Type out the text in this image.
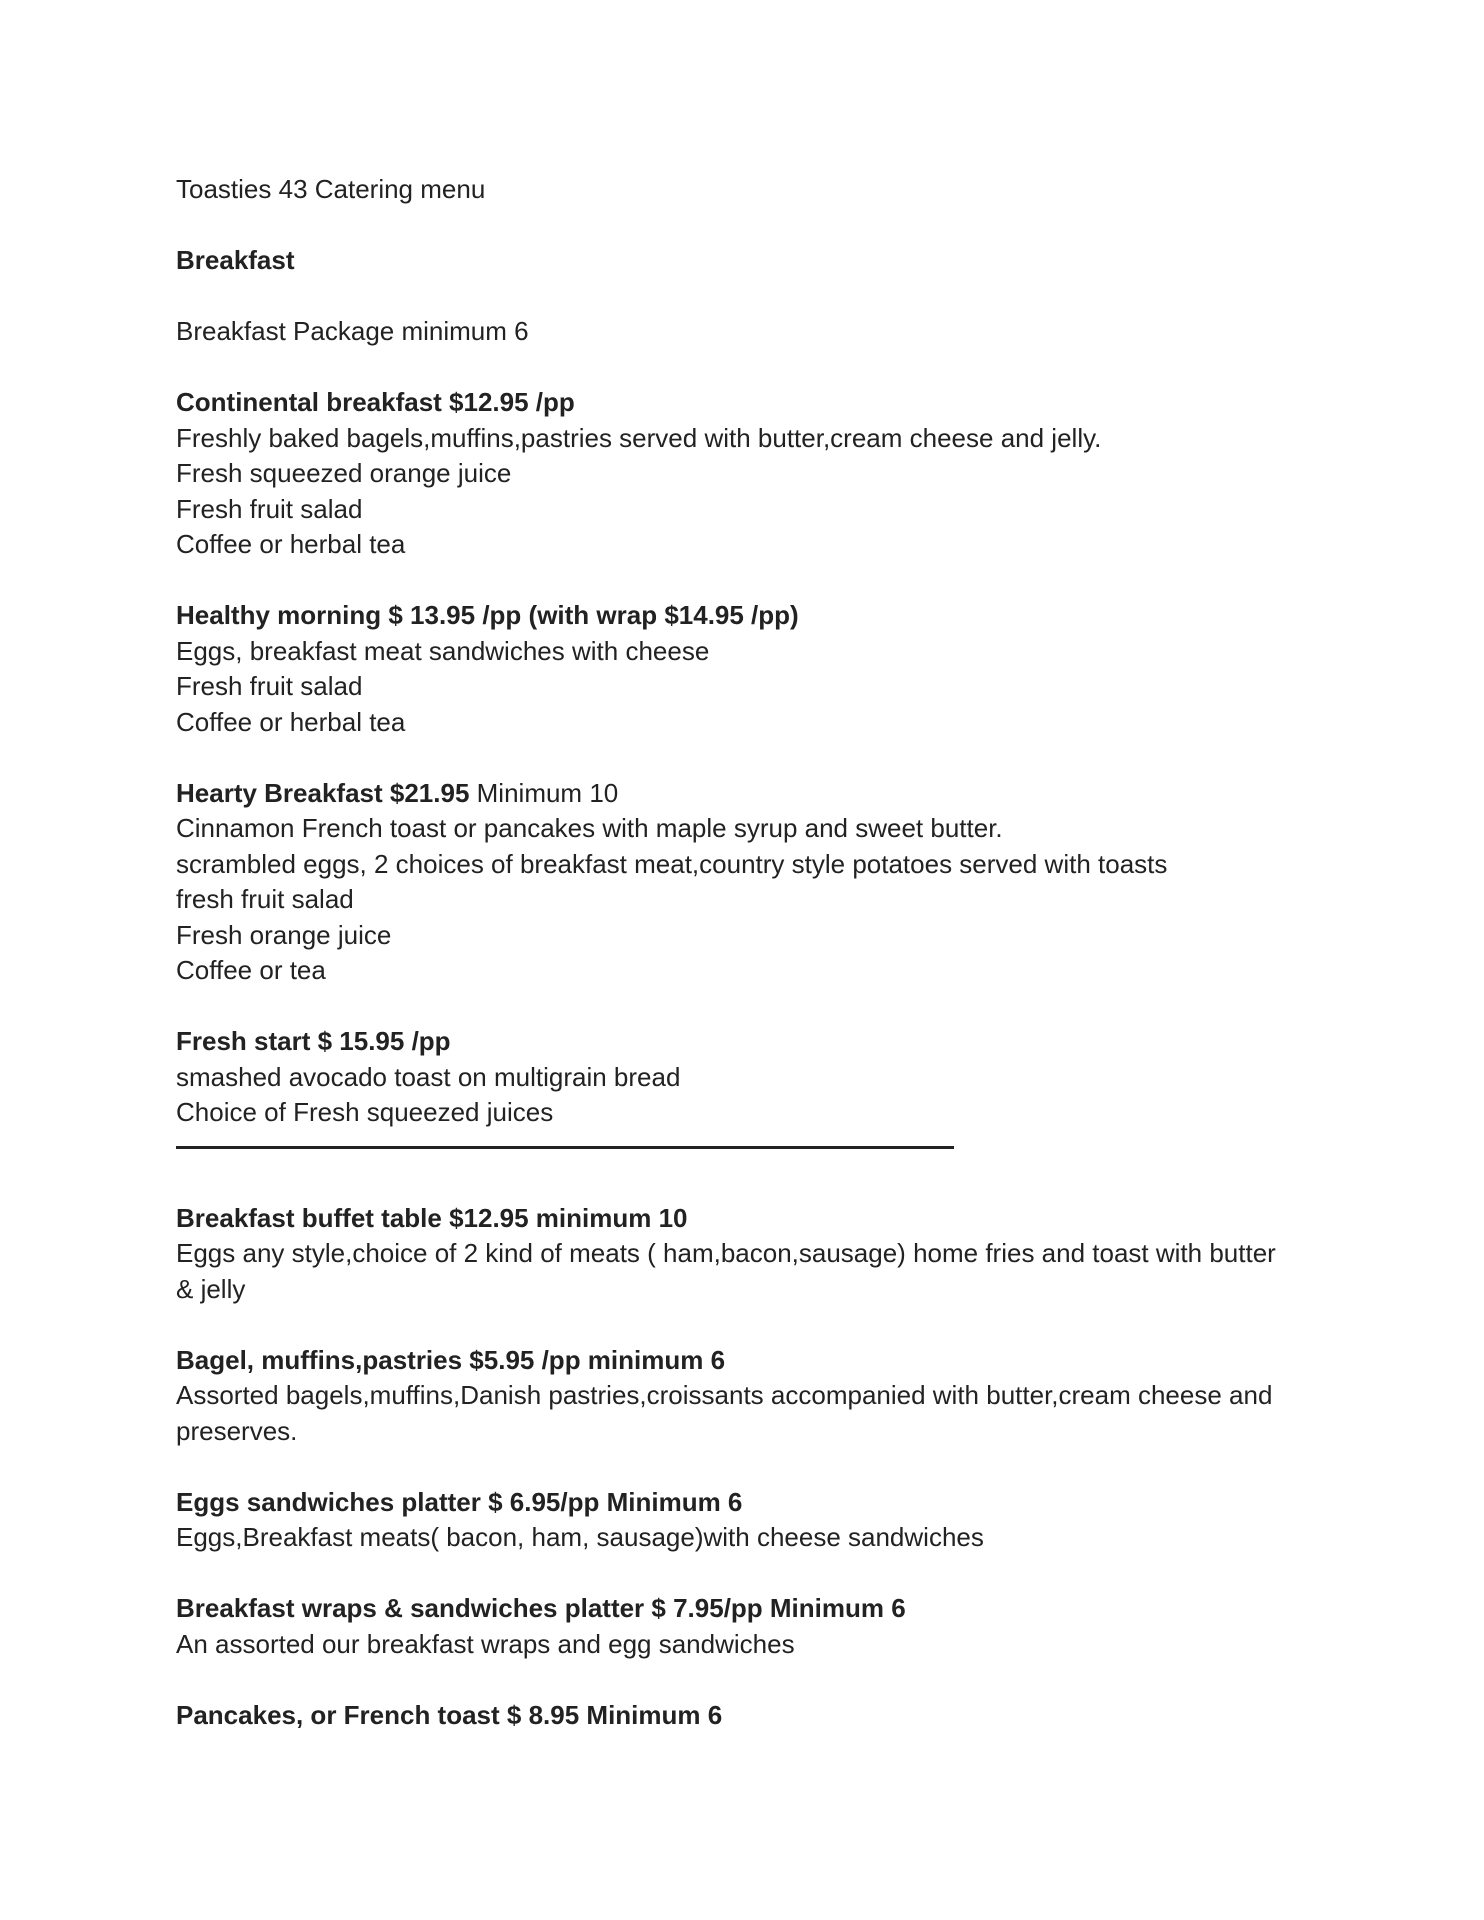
Toasties 43 Catering menu

Breakfast

Breakfast Package minimum 6

Continental breakfast $12.95 /pp

Freshly baked bagels,muffins,pastries served with butter,cream cheese and jelly.

Fresh squeezed orange juice

Fresh fruit salad

Coffee or herbal tea

Healthy morning $ 13.95 /pp (with wrap $14.95 /pp)

Eggs, breakfast meat sandwiches with cheese

Fresh fruit salad

Coffee or herbal tea

Hearty Breakfast $21.95 Minimum 10

Cinnamon French toast or pancakes with maple syrup and sweet butter.

scrambled eggs, 2 choices of breakfast meat,country style potatoes served with toasts

fresh fruit salad

Fresh orange juice

Coffee or tea

Fresh start $ 15.95 /pp

smashed avocado toast on multigrain bread

Choice of Fresh squeezed juices

Breakfast buffet table $12.95 minimum 10

Eggs any style,choice of 2 kind of meats ( ham,bacon,sausage) home fries and toast with butter

& jelly

Bagel, muffins,pastries $5.95 /pp minimum 6

Assorted bagels,muffins,Danish pastries,croissants accompanied with butter,cream cheese and

preserves.

Eggs sandwiches platter $ 6.95/pp Minimum 6

Eggs,Breakfast meats( bacon, ham, sausage)with cheese sandwiches

Breakfast wraps & sandwiches platter $ 7.95/pp Minimum 6

An assorted our breakfast wraps and egg sandwiches

Pancakes, or French toast $ 8.95 Minimum 6
